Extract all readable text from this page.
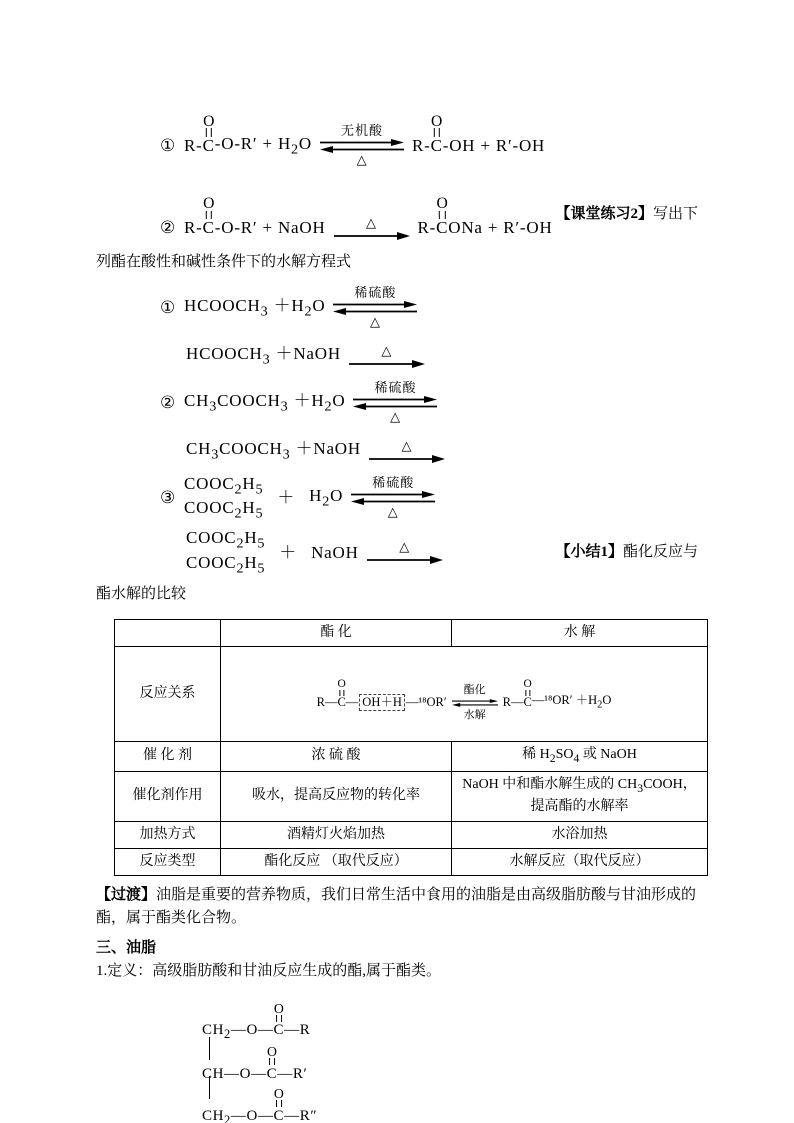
① R-
O
C $-O-R' + H_2O$
无机酸
△
R-
O
C -OH + R′-OH
② R-
O
C -O-R′ + NaOH	△ R-
O
C ONa + R′-OH
【课堂练习2】写出下
列酯在酸性和碱性条件下的水解方程式
① $HCOOCH_3 +H_2O$
稀硫酸
△
$HCOOCH_3$ ＋NaOH	△
② $CH_3COOCH_3 +H_2O$
稀硫酸
△
$CH_3COOCH_3$ ＋NaOH	△
③
$COOC_2H_5$
$COOC_2H_5$
＋ $H_2O$
稀硫酸
△
$COOC_2H_5$
$COOC_2H_5$
＋ NaOH	△	【小结1】酯化反应与
酯水解的比较
	酯 化	水 解
反应关系	
R—
O
C — OH＋H —¹⁸OR′
酯化
水解
R—
O
C —¹⁸OR′ $+H_2O$

催 化 剂	浓 硫 酸	稀 $H_2SO_4$ 或 NaOH
催化剂作用	吸水，提高反应物的转化率	NaOH 中和酯水解生成的 $CH_3COOH$，提高酯的水解率
加热方式	酒精灯火焰加热	水浴加热
反应类型	酯化反应 （取代反应）	水解反应（取代反应）
【过渡】油脂是重要的营养物质，我们日常生活中食用的油脂是由高级脂肪酸与甘油形成的酯，属于酯类化合物。
三、油脂
1.定义：高级脂肪酸和甘油反应生成的酯,属于酯类。
$CH_2—O—$
O
C—R
CH—O—
O
C—R′
$CH_2—O—$
O
C—R″
